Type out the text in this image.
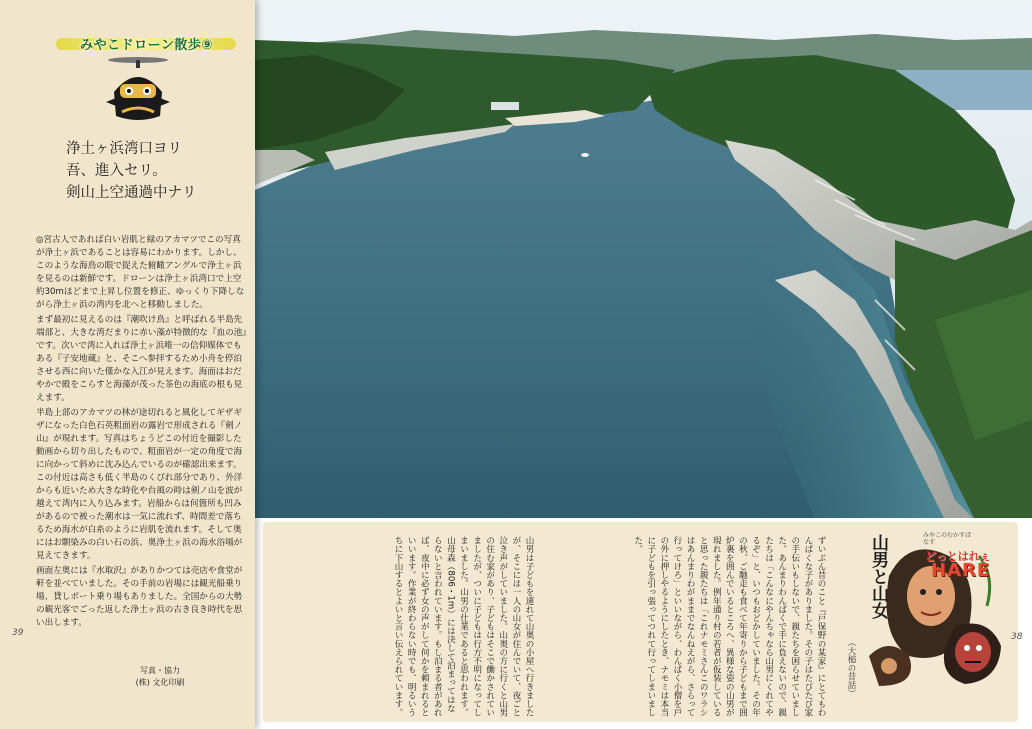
みやこドローン散歩⑨
浄土ヶ浜湾口ヨリ
吾、進入セリ。
剣山上空通過中ナリ

◎宮古人であれば白い岩肌と緑のアカマツでこの写真が浄土ヶ浜であることは容易にわかります。しかし、このような海鳥の眼で捉えた俯瞰アングルで浄土ヶ浜を見るのは新鮮です。ドローンは浄土ヶ浜湾口で上空約30mほどまで上昇し位置を修正、ゆっくり下降しながら浄土ヶ浜の湾内を北へと移動しました。

まず最初に見えるのは『潮吹け鳥』と呼ばれる半島先端部と、大きな湾だまりに赤い藻が特徴的な『血の池』です。次いで湾に入れば浄土ヶ浜唯一の信仰媒体でもある『子安地蔵』と、そこへ参拝するため小舟を停泊させる西に向いた僅かな入江が見えます。海面はおだやかで殿をこらすと海藻が茂った茶色の海底の根も見えます。

半島上部のアカマツの林が途切れると風化してギザギザになった白色石英粗面岩の露岩で形成される『剣ノ山』が現れます。写真はちょうどこの付近を撮影した動画から切り出したもので、粗面岩が一定の角度で海に向かって斜めに沈み込んでいるのが確認出来ます。この付近は高さも低く半島のくびれ部分であり、外洋からも近いため大きな時化や台風の時は剣ノ山を波が越えて湾内に入り込みます。岩船からは何箇所も凹みがあるので被った潮水は一気に流れず、時間差で落ちるため海水が白糸のように岩肌を流れます。そして奥にはお馴染みの白い石の浜、奥浄土ヶ浜の海水浴場が見えてきます。

画面左奥には『水取沢』がありかつては売店や食堂が軒を並べていました。その手前の岩場には観光船乗り場、貸しボート乗り場もありました。全国からの大勢の観光客でごった返した浄土ヶ浜の古き良き時代を思い出します。

39
写真・協力
(株) 文化印刷	山男は子どもを連れて山奥の小屋へ行きましたが、そこには一人の山女が住んでいて、夜ごと泣き声がしていました。山奥の方に行くと山男の住む家があり、子どもはそこで働かされていましたが、ついに子どもは行方不明になってしまいました。山男の仕業であると思われます。山母森（806・1m）には決して泊まってはならないと言われています。もし泊まる者があれば、夜中に必ず女の声がして何かを頼まれるといいます。作業が終わらない時でも、明るいうちに下山するとよいと言い伝えられています。	ずいぶん昔のこと『戸保野の某家』にとてもわんぱくな子がありました。その子はたびたび家の手伝いもしないで、親たちを困らせていました。あんまりわんぱくで手に負えないので、親たちは「こんなにやんちゃなら山男にくれてやるぞ」と、いつもおどかしていました。その年の秋、ご馳走も食べて年寄りから子どもまで囲炉裏を囲んでいるところへ、異様な姿の山男が現れました。例年通り村の若者が仮装していると思った親たちは「これナモミさんこのワラシはあんまりわがままでなんねえがら、さらって行ってけろ」といいながら、わんぱく小僧を戸の外に押しやるようにしたとき、ナモミは本当に子どもを引っ張ってつれて行ってしまいました。	山男と山女
（大槌の昔話）
みやこのむかすばなす
どっとはれぇ
HARE
38
